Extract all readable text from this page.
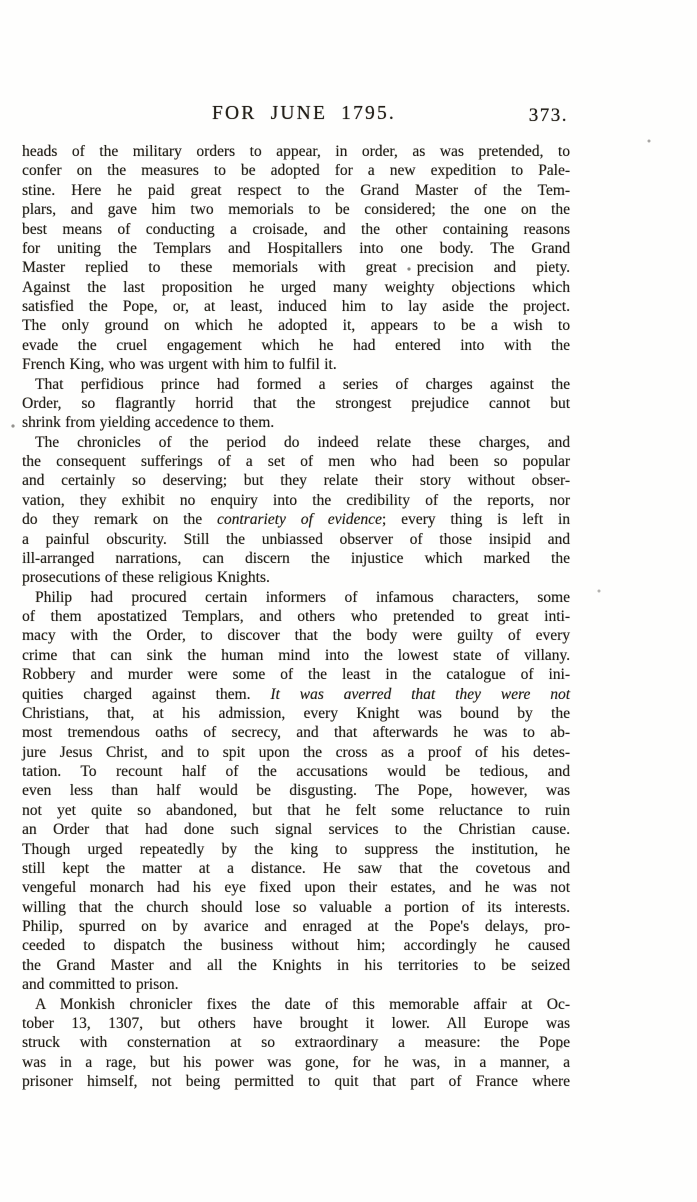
FOR JUNE 1795.	373.
heads of the military orders to appear, in order, as was pretended, to
confer on the measures to be adopted for a new expedition to Pale-
stine. Here he paid great respect to the Grand Master of the Tem-
plars, and gave him two memorials to be considered; the one on the
best means of conducting a croisade, and the other containing reasons
for uniting the Templars and Hospitallers into one body. The Grand
Master replied to these memorials with great precision and piety.
Against the last proposition he urged many weighty objections which
satisfied the Pope, or, at least, induced him to lay aside the project.
The only ground on which he adopted it, appears to be a wish to
evade the cruel engagement which he had entered into with the
French King, who was urgent with him to fulfil it.
That perfidious prince had formed a series of charges against the
Order, so flagrantly horrid that the strongest prejudice cannot but
shrink from yielding accedence to them.
The chronicles of the period do indeed relate these charges, and
the consequent sufferings of a set of men who had been so popular
and certainly so deserving; but they relate their story without obser-
vation, they exhibit no enquiry into the credibility of the reports, nor
do they remark on the contrariety of evidence; every thing is left in
a painful obscurity. Still the unbiassed observer of those insipid and
ill-arranged narrations, can discern the injustice which marked the
prosecutions of these religious Knights.
Philip had procured certain informers of infamous characters, some
of them apostatized Templars, and others who pretended to great inti-
macy with the Order, to discover that the body were guilty of every
crime that can sink the human mind into the lowest state of villany.
Robbery and murder were some of the least in the catalogue of ini-
quities charged against them. It was averred that they were not
Christians, that, at his admission, every Knight was bound by the
most tremendous oaths of secrecy, and that afterwards he was to ab-
jure Jesus Christ, and to spit upon the cross as a proof of his detes-
tation. To recount half of the accusations would be tedious, and
even less than half would be disgusting. The Pope, however, was
not yet quite so abandoned, but that he felt some reluctance to ruin
an Order that had done such signal services to the Christian cause.
Though urged repeatedly by the king to suppress the institution, he
still kept the matter at a distance. He saw that the covetous and
vengeful monarch had his eye fixed upon their estates, and he was not
willing that the church should lose so valuable a portion of its interests.
Philip, spurred on by avarice and enraged at the Pope's delays, pro-
ceeded to dispatch the business without him; accordingly he caused
the Grand Master and all the Knights in his territories to be seized
and committed to prison.
A Monkish chronicler fixes the date of this memorable affair at Oc-
tober 13, 1307, but others have brought it lower. All Europe was
struck with consternation at so extraordinary a measure: the Pope
was in a rage, but his power was gone, for he was, in a manner, a
prisoner himself, not being permitted to quit that part of France where
